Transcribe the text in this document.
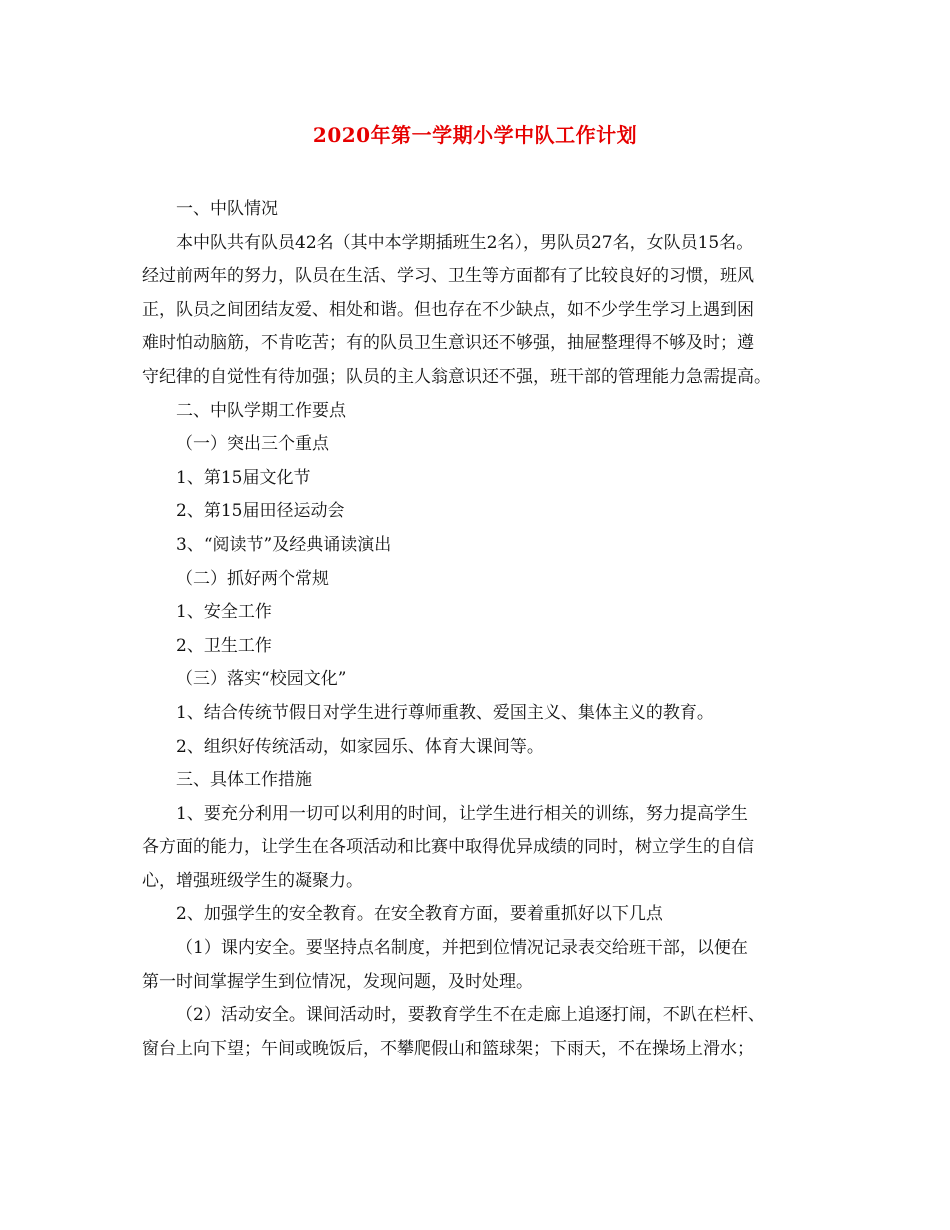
2020年第一学期小学中队工作计划
一、中队情况
本中队共有队员42名（其中本学期插班生2名），男队员27名，女队员15名。
经过前两年的努力，队员在生活、学习、卫生等方面都有了比较良好的习惯，班风
正，队员之间团结友爱、相处和谐。但也存在不少缺点，如不少学生学习上遇到困
难时怕动脑筋，不肯吃苦；有的队员卫生意识还不够强，抽屉整理得不够及时；遵
守纪律的自觉性有待加强；队员的主人翁意识还不强，班干部的管理能力急需提高。
二、中队学期工作要点
（一）突出三个重点
1、第15届文化节
2、第15届田径运动会
3、“阅读节”及经典诵读演出
（二）抓好两个常规
1、安全工作
2、卫生工作
（三）落实“校园文化”
1、结合传统节假日对学生进行尊师重教、爱国主义、集体主义的教育。
2、组织好传统活动，如家园乐、体育大课间等。
三、具体工作措施
1、要充分利用一切可以利用的时间，让学生进行相关的训练，努力提高学生
各方面的能力，让学生在各项活动和比赛中取得优异成绩的同时，树立学生的自信
心，增强班级学生的凝聚力。
2、加强学生的安全教育。在安全教育方面，要着重抓好以下几点
（1）课内安全。要坚持点名制度，并把到位情况记录表交给班干部，以便在
第一时间掌握学生到位情况，发现问题，及时处理。
（2）活动安全。课间活动时，要教育学生不在走廊上追逐打闹，不趴在栏杆、
窗台上向下望；午间或晚饭后，不攀爬假山和篮球架；下雨天，不在操场上滑水；
